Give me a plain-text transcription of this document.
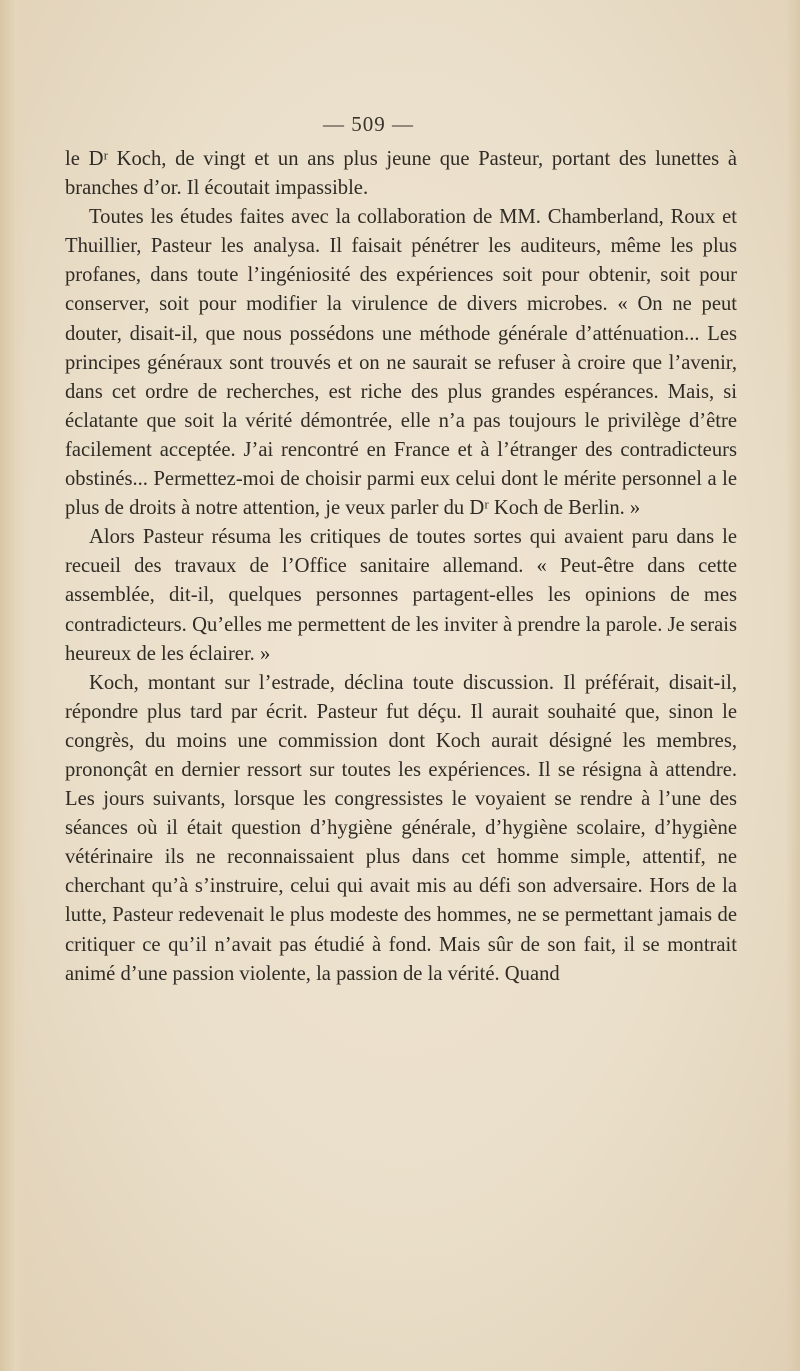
— 509 —

le Dʳ Koch, de vingt et un ans plus jeune que Pasteur, portant des lunettes à branches d’or. Il écoutait impassible.

Toutes les études faites avec la collaboration de MM. Chamberland, Roux et Thuillier, Pasteur les analysa. Il faisait pénétrer les auditeurs, même les plus profanes, dans toute l’ingéniosité des expériences soit pour obtenir, soit pour conserver, soit pour modifier la virulence de divers microbes. « On ne peut douter, disait-il, que nous possédons une méthode générale d’atténuation... Les principes généraux sont trouvés et on ne saurait se refuser à croire que l’avenir, dans cet ordre de recherches, est riche des plus grandes espérances. Mais, si éclatante que soit la vérité démontrée, elle n’a pas toujours le privilège d’être facilement acceptée. J’ai rencontré en France et à l’étranger des contradicteurs obstinés... Permettez-moi de choisir parmi eux celui dont le mérite personnel a le plus de droits à notre attention, je veux parler du Dʳ Koch de Berlin. »

Alors Pasteur résuma les critiques de toutes sortes qui avaient paru dans le recueil des travaux de l’Office sanitaire allemand. « Peut-être dans cette assemblée, dit-il, quelques personnes partagent-elles les opinions de mes contradicteurs. Qu’elles me permettent de les inviter à prendre la parole. Je serais heureux de les éclairer. »

Koch, montant sur l’estrade, déclina toute discussion. Il préférait, disait-il, répondre plus tard par écrit. Pasteur fut déçu. Il aurait souhaité que, sinon le congrès, du moins une commission dont Koch aurait désigné les membres, prononçât en dernier ressort sur toutes les expériences. Il se résigna à attendre. Les jours suivants, lorsque les congressistes le voyaient se rendre à l’une des séances où il était question d’hygiène générale, d’hygiène scolaire, d’hygiène vétérinaire ils ne reconnaissaient plus dans cet homme simple, attentif, ne cherchant qu’à s’instruire, celui qui avait mis au défi son adversaire. Hors de la lutte, Pasteur redevenait le plus modeste des hommes, ne se permettant jamais de critiquer ce qu’il n’avait pas étudié à fond. Mais sûr de son fait, il se montrait animé d’une passion violente, la passion de la vérité. Quand
